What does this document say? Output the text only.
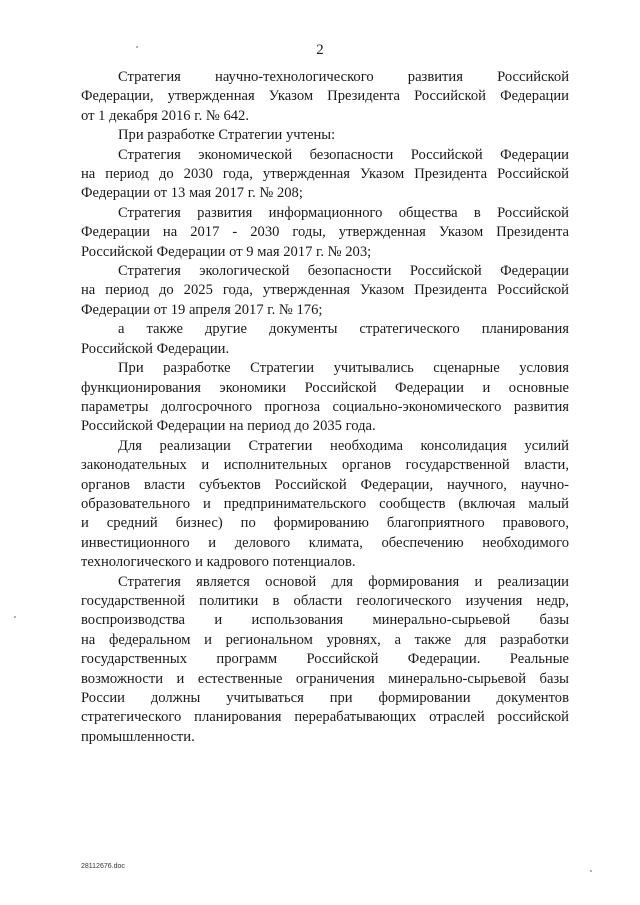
2

Стратегия научно-технологического развития Российской
Федерации, утвержденная Указом Президента Российской Федерации
от 1 декабря 2016 г. № 642.

При разработке Стратегии учтены:

Стратегия экономической безопасности Российской Федерации
на период до 2030 года, утвержденная Указом Президента Российской
Федерации от 13 мая 2017 г. № 208;

Стратегия развития информационного общества в Российской
Федерации на 2017 - 2030 годы, утвержденная Указом Президента
Российской Федерации от 9 мая 2017 г. № 203;

Стратегия экологической безопасности Российской Федерации
на период до 2025 года, утвержденная Указом Президента Российской
Федерации от 19 апреля 2017 г. № 176;

а также другие документы стратегического планирования
Российской Федерации.

При разработке Стратегии учитывались сценарные условия
функционирования экономики Российской Федерации и основные
параметры долгосрочного прогноза социально-экономического развития
Российской Федерации на период до 2035 года.

Для реализации Стратегии необходима консолидация усилий
законодательных и исполнительных органов государственной власти,
органов власти субъектов Российской Федерации, научного, научно-
образовательного и предпринимательского сообществ (включая малый
и средний бизнес) по формированию благоприятного правового,
инвестиционного и делового климата, обеспечению необходимого
технологического и кадрового потенциалов.

Стратегия является основой для формирования и реализации
государственной политики в области геологического изучения недр,
воспроизводства и использования минерально-сырьевой базы
на федеральном и региональном уровнях, а также для разработки
государственных программ Российской Федерации. Реальные
возможности и естественные ограничения минерально-сырьевой базы
России должны учитываться при формировании документов
стратегического планирования перерабатывающих отраслей российской
промышленности.

28112676.doc
